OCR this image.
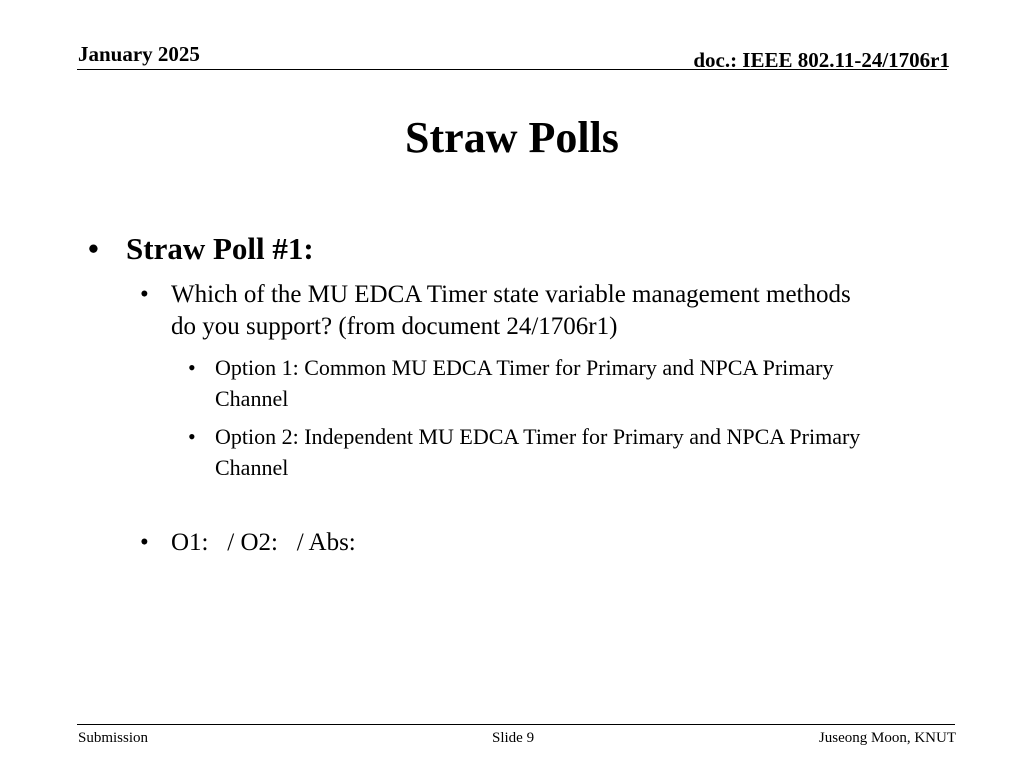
January 2025	doc.: IEEE 802.11-24/1706r1
Straw Polls
• Straw Poll #1:
• Which of the MU EDCA Timer state variable management methods do you support? (from document 24/1706r1)
• Option 1: Common MU EDCA Timer for Primary and NPCA Primary Channel
• Option 2: Independent MU EDCA Timer for Primary and NPCA Primary Channel
• O1:   / O2:   / Abs:
Submission	Slide 9	Juseong Moon, KNUT
